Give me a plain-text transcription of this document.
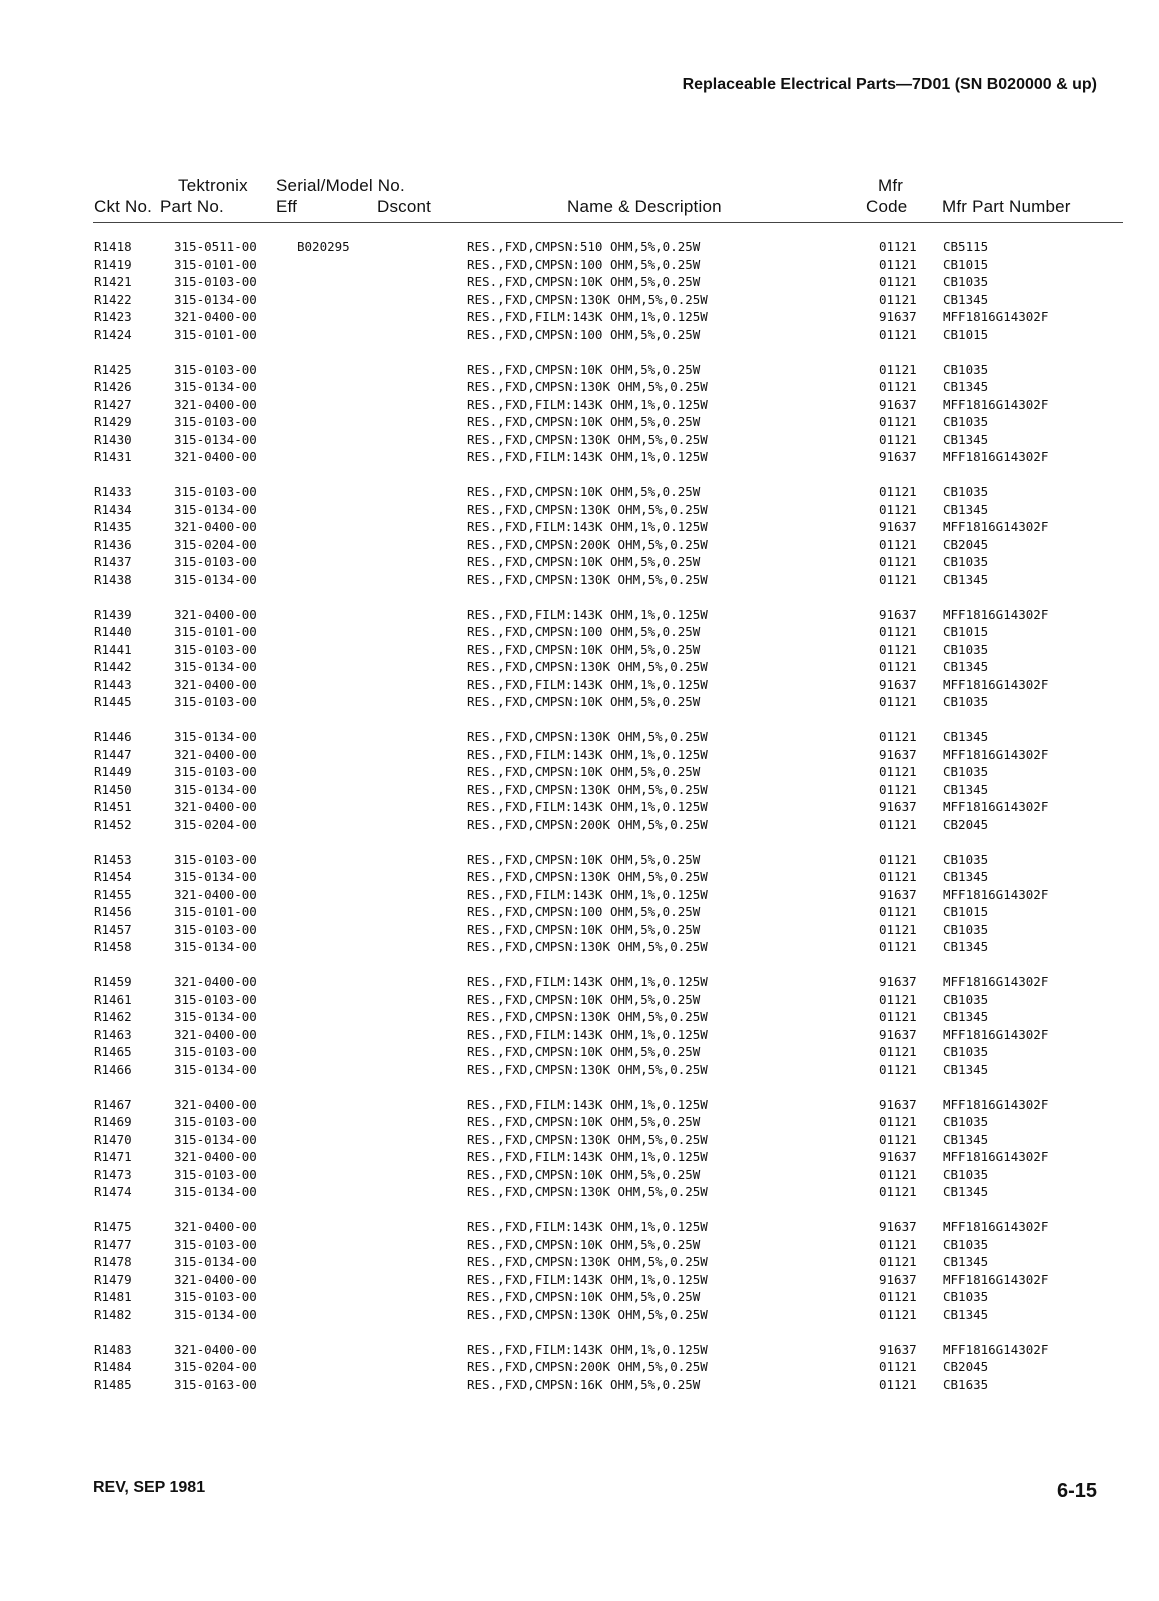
Replaceable Electrical Parts—7D01 (SN B020000 & up)
Tektronix Serial/Model No.	Mfr
Ckt No. Part No.	Eff	Dscont	Name & Description	Code Mfr Part Number
R1418	315-0511-00	B020295	RES.,FXD,CMPSN:510 OHM,5%,0.25W	01121 CB5115
R1419	315-0101-00	RES.,FXD,CMPSN:100 OHM,5%,0.25W	01121 CB1015
R1421	315-0103-00	RES.,FXD,CMPSN:10K OHM,5%,0.25W	01121 CB1035
R1422	315-0134-00	RES.,FXD,CMPSN:130K OHM,5%,0.25W	01121 CB1345
R1423	321-0400-00	RES.,FXD,FILM:143K OHM,1%,0.125W	91637 MFF1816G14302F
R1424	315-0101-00	RES.,FXD,CMPSN:100 OHM,5%,0.25W	01121 CB1015
R1425	315-0103-00	RES.,FXD,CMPSN:10K OHM,5%,0.25W	01121 CB1035
R1426	315-0134-00	RES.,FXD,CMPSN:130K OHM,5%,0.25W	01121 CB1345
R1427	321-0400-00	RES.,FXD,FILM:143K OHM,1%,0.125W	91637 MFF1816G14302F
R1429	315-0103-00	RES.,FXD,CMPSN:10K OHM,5%,0.25W	01121 CB1035
R1430	315-0134-00	RES.,FXD,CMPSN:130K OHM,5%,0.25W	01121 CB1345
R1431	321-0400-00	RES.,FXD,FILM:143K OHM,1%,0.125W	91637 MFF1816G14302F
R1433	315-0103-00	RES.,FXD,CMPSN:10K OHM,5%,0.25W	01121 CB1035
R1434	315-0134-00	RES.,FXD,CMPSN:130K OHM,5%,0.25W	01121 CB1345
R1435	321-0400-00	RES.,FXD,FILM:143K OHM,1%,0.125W	91637 MFF1816G14302F
R1436	315-0204-00	RES.,FXD,CMPSN:200K OHM,5%,0.25W	01121 CB2045
R1437	315-0103-00	RES.,FXD,CMPSN:10K OHM,5%,0.25W	01121 CB1035
R1438	315-0134-00	RES.,FXD,CMPSN:130K OHM,5%,0.25W	01121 CB1345
R1439	321-0400-00	RES.,FXD,FILM:143K OHM,1%,0.125W	91637 MFF1816G14302F
R1440	315-0101-00	RES.,FXD,CMPSN:100 OHM,5%,0.25W	01121 CB1015
R1441	315-0103-00	RES.,FXD,CMPSN:10K OHM,5%,0.25W	01121 CB1035
R1442	315-0134-00	RES.,FXD,CMPSN:130K OHM,5%,0.25W	01121 CB1345
R1443	321-0400-00	RES.,FXD,FILM:143K OHM,1%,0.125W	91637 MFF1816G14302F
R1445	315-0103-00	RES.,FXD,CMPSN:10K OHM,5%,0.25W	01121 CB1035
R1446	315-0134-00	RES.,FXD,CMPSN:130K OHM,5%,0.25W	01121 CB1345
R1447	321-0400-00	RES.,FXD,FILM:143K OHM,1%,0.125W	91637 MFF1816G14302F
R1449	315-0103-00	RES.,FXD,CMPSN:10K OHM,5%,0.25W	01121 CB1035
R1450	315-0134-00	RES.,FXD,CMPSN:130K OHM,5%,0.25W	01121 CB1345
R1451	321-0400-00	RES.,FXD,FILM:143K OHM,1%,0.125W	91637 MFF1816G14302F
R1452	315-0204-00	RES.,FXD,CMPSN:200K OHM,5%,0.25W	01121 CB2045
R1453	315-0103-00	RES.,FXD,CMPSN:10K OHM,5%,0.25W	01121 CB1035
R1454	315-0134-00	RES.,FXD,CMPSN:130K OHM,5%,0.25W	01121 CB1345
R1455	321-0400-00	RES.,FXD,FILM:143K OHM,1%,0.125W	91637 MFF1816G14302F
R1456	315-0101-00	RES.,FXD,CMPSN:100 OHM,5%,0.25W	01121 CB1015
R1457	315-0103-00	RES.,FXD,CMPSN:10K OHM,5%,0.25W	01121 CB1035
R1458	315-0134-00	RES.,FXD,CMPSN:130K OHM,5%,0.25W	01121 CB1345
R1459	321-0400-00	RES.,FXD,FILM:143K OHM,1%,0.125W	91637 MFF1816G14302F
R1461	315-0103-00	RES.,FXD,CMPSN:10K OHM,5%,0.25W	01121 CB1035
R1462	315-0134-00	RES.,FXD,CMPSN:130K OHM,5%,0.25W	01121 CB1345
R1463	321-0400-00	RES.,FXD,FILM:143K OHM,1%,0.125W	91637 MFF1816G14302F
R1465	315-0103-00	RES.,FXD,CMPSN:10K OHM,5%,0.25W	01121 CB1035
R1466	315-0134-00	RES.,FXD,CMPSN:130K OHM,5%,0.25W	01121 CB1345
R1467	321-0400-00	RES.,FXD,FILM:143K OHM,1%,0.125W	91637 MFF1816G14302F
R1469	315-0103-00	RES.,FXD,CMPSN:10K OHM,5%,0.25W	01121 CB1035
R1470	315-0134-00	RES.,FXD,CMPSN:130K OHM,5%,0.25W	01121 CB1345
R1471	321-0400-00	RES.,FXD,FILM:143K OHM,1%,0.125W	91637 MFF1816G14302F
R1473	315-0103-00	RES.,FXD,CMPSN:10K OHM,5%,0.25W	01121 CB1035
R1474	315-0134-00	RES.,FXD,CMPSN:130K OHM,5%,0.25W	01121 CB1345
R1475	321-0400-00	RES.,FXD,FILM:143K OHM,1%,0.125W	91637 MFF1816G14302F
R1477	315-0103-00	RES.,FXD,CMPSN:10K OHM,5%,0.25W	01121 CB1035
R1478	315-0134-00	RES.,FXD,CMPSN:130K OHM,5%,0.25W	01121 CB1345
R1479	321-0400-00	RES.,FXD,FILM:143K OHM,1%,0.125W	91637 MFF1816G14302F
R1481	315-0103-00	RES.,FXD,CMPSN:10K OHM,5%,0.25W	01121 CB1035
R1482	315-0134-00	RES.,FXD,CMPSN:130K OHM,5%,0.25W	01121 CB1345
R1483	321-0400-00	RES.,FXD,FILM:143K OHM,1%,0.125W	91637 MFF1816G14302F
R1484	315-0204-00	RES.,FXD,CMPSN:200K OHM,5%,0.25W	01121 CB2045
R1485	315-0163-00	RES.,FXD,CMPSN:16K OHM,5%,0.25W	01121 CB1635
REV, SEP 1981	6-15
